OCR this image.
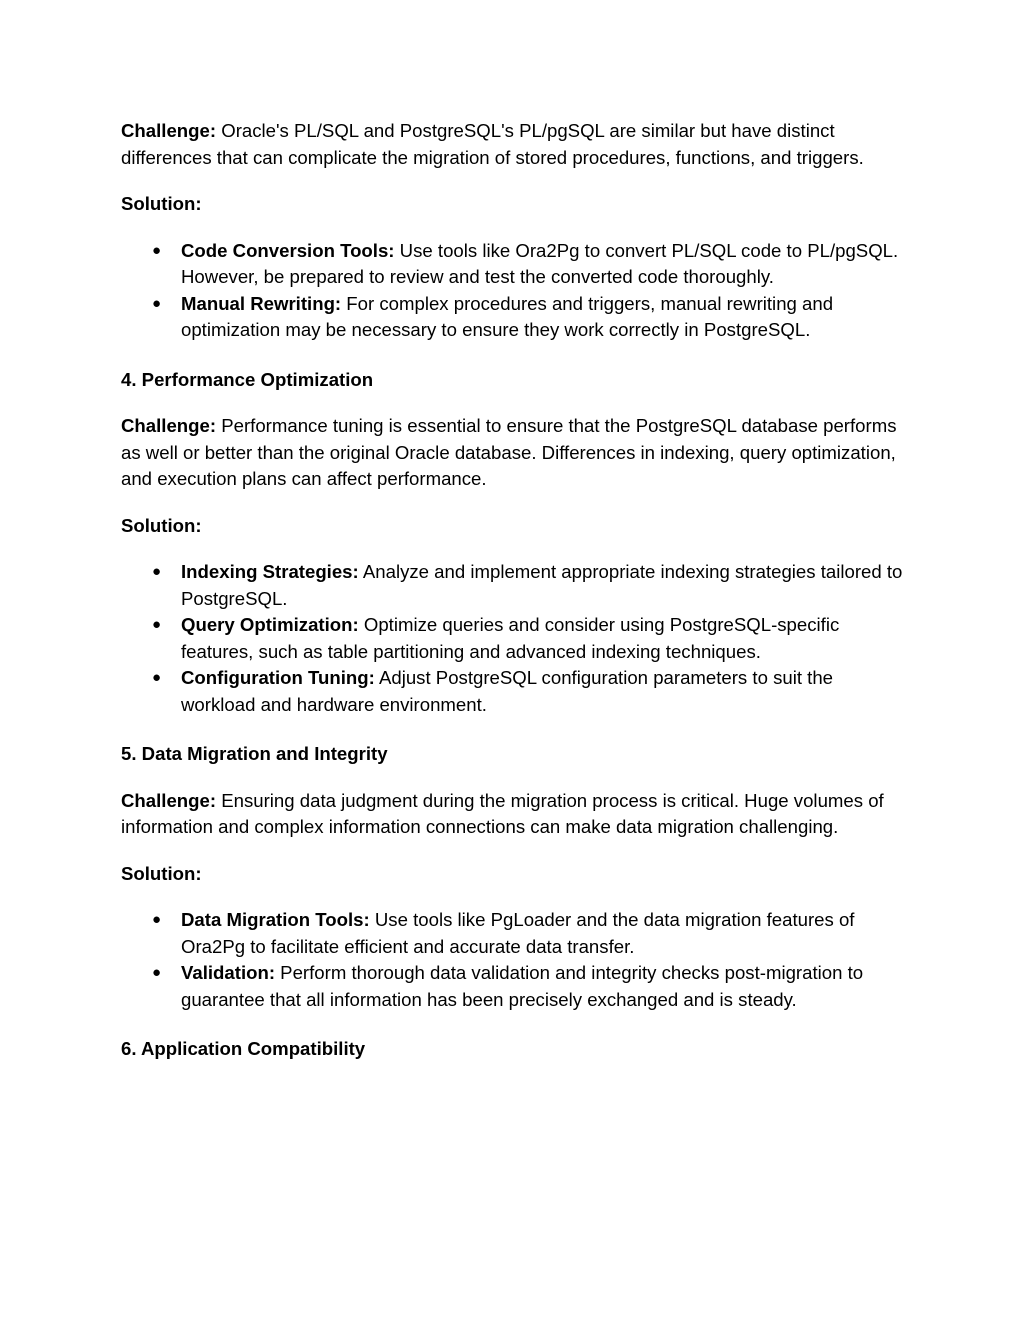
Challenge: Oracle's PL/SQL and PostgreSQL's PL/pgSQL are similar but have distinct differences that can complicate the migration of stored procedures, functions, and triggers.

Solution:

● Code Conversion Tools: Use tools like Ora2Pg to convert PL/SQL code to PL/pgSQL. However, be prepared to review and test the converted code thoroughly.
● Manual Rewriting: For complex procedures and triggers, manual rewriting and optimization may be necessary to ensure they work correctly in PostgreSQL.

4. Performance Optimization

Challenge: Performance tuning is essential to ensure that the PostgreSQL database performs as well or better than the original Oracle database. Differences in indexing, query optimization, and execution plans can affect performance.

Solution:

● Indexing Strategies: Analyze and implement appropriate indexing strategies tailored to PostgreSQL.
● Query Optimization: Optimize queries and consider using PostgreSQL-specific features, such as table partitioning and advanced indexing techniques.
● Configuration Tuning: Adjust PostgreSQL configuration parameters to suit the workload and hardware environment.

5. Data Migration and Integrity

Challenge: Ensuring data judgment during the migration process is critical. Huge volumes of information and complex information connections can make data migration challenging.

Solution:

● Data Migration Tools: Use tools like PgLoader and the data migration features of Ora2Pg to facilitate efficient and accurate data transfer.
● Validation: Perform thorough data validation and integrity checks post-migration to guarantee that all information has been precisely exchanged and is steady.

6. Application Compatibility
